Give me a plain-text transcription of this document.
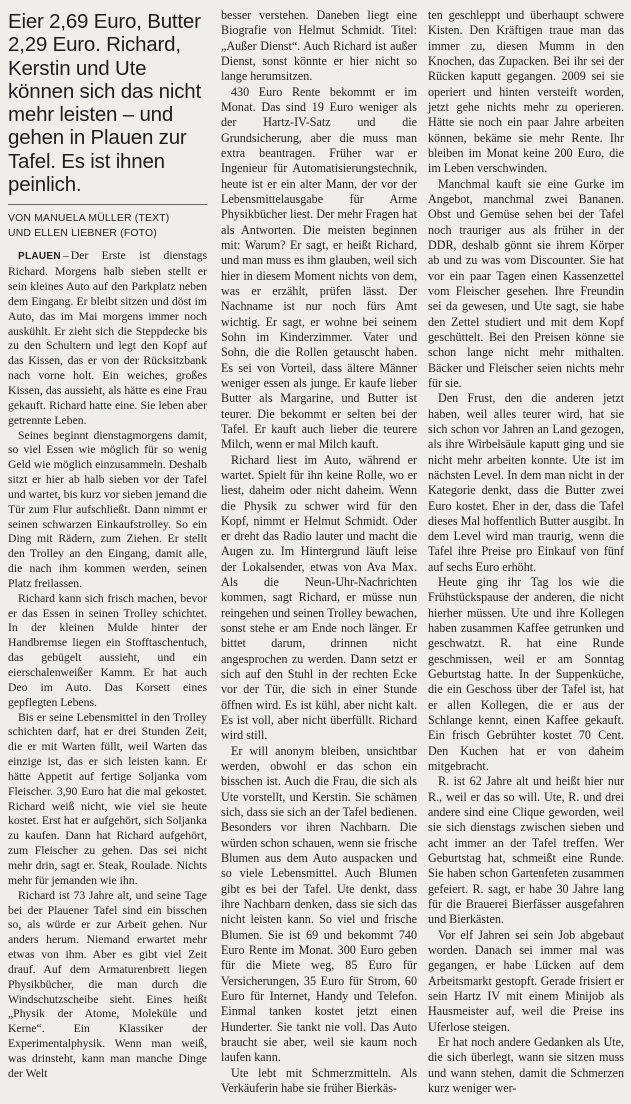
Eier 2,69 Euro, Butter 2,29 Euro. Richard, Kerstin und Ute können sich das nicht mehr leisten – und gehen in Plauen zur Tafel. Es ist ihnen peinlich.
VON MANUELA MÜLLER (TEXT)
UND ELLEN LIEBNER (FOTO)

PLAUEN – Der Erste ist dienstags Richard. Morgens halb sieben stellt er sein kleines Auto auf den Parkplatz neben dem Eingang. Er bleibt sitzen und döst im Auto, das im Mai morgens immer noch auskühlt. Er zieht sich die Steppdecke bis zu den Schultern und legt den Kopf auf das Kissen, das er von der Rücksitzbank nach vorne holt. Ein weiches, großes Kissen, das aussieht, als hätte es eine Frau gekauft. Richard hatte eine. Sie leben aber getrennte Leben.

Seines beginnt dienstagmorgens damit, so viel Essen wie möglich für so wenig Geld wie möglich einzusammeln. Deshalb sitzt er hier ab halb sieben vor der Tafel und wartet, bis kurz vor sieben jemand die Tür zum Flur aufschließt. Dann nimmt er seinen schwarzen Einkaufstrolley. So ein Ding mit Rädern, zum Ziehen. Er stellt den Trolley an den Eingang, damit alle, die nach ihm kommen werden, seinen Platz freilassen.

Richard kann sich frisch machen, bevor er das Essen in seinen Trolley schichtet. In der kleinen Mulde hinter der Handbremse liegen ein Stofftaschentuch, das gebügelt aussieht, und ein eierschalenweißer Kamm. Er hat auch Deo im Auto. Das Korsett eines gepflegten Lebens.

Bis er seine Lebensmittel in den Trolley schichten darf, hat er drei Stunden Zeit, die er mit Warten füllt, weil Warten das einzige ist, das er sich leisten kann. Er hätte Appetit auf fertige Soljanka vom Fleischer. 3,90 Euro hat die mal gekostet. Richard weiß nicht, wie viel sie heute kostet. Erst hat er aufgehört, sich Soljanka zu kaufen. Dann hat Richard aufgehört, zum Fleischer zu gehen. Das sei nicht mehr drin, sagt er. Steak, Roulade. Nichts mehr für jemanden wie ihn.

Richard ist 73 Jahre alt, und seine Tage bei der Plauener Tafel sind ein bisschen so, als würde er zur Arbeit gehen. Nur anders herum. Niemand erwartet mehr etwas von ihm. Aber es gibt viel Zeit drauf. Auf dem Armaturenbrett liegen Physikbücher, die man durch die Windschutzscheibe sieht. Eines heißt „Physik der Atome, Moleküle und Kerne“. Ein Klassiker der Experimentalphysik. Wenn man weiß, was drinsteht, kann man manche Dinge der Welt

besser verstehen. Daneben liegt eine Biografie von Helmut Schmidt. Titel: „Außer Dienst“. Auch Richard ist außer Dienst, sonst könnte er hier nicht so lange herumsitzen.

430 Euro Rente bekommt er im Monat. Das sind 19 Euro weniger als der Hartz-IV-Satz und die Grundsicherung, aber die muss man extra beantragen. Früher war er Ingenieur für Automatisierungstechnik, heute ist er ein alter Mann, der vor der Lebensmittelausgabe für Arme Physikbücher liest. Der mehr Fragen hat als Antworten. Die meisten beginnen mit: Warum? Er sagt, er heißt Richard, und man muss es ihm glauben, weil sich hier in diesem Moment nichts von dem, was er erzählt, prüfen lässt. Der Nachname ist nur noch fürs Amt wichtig. Er sagt, er wohne bei seinem Sohn im Kinderzimmer. Vater und Sohn, die die Rollen getauscht haben. Es sei von Vorteil, dass ältere Männer weniger essen als junge. Er kaufe lieber Butter als Margarine, und Butter ist teurer. Die bekommt er selten bei der Tafel. Er kauft auch lieber die teurere Milch, wenn er mal Milch kauft.

Richard liest im Auto, während er wartet. Spielt für ihn keine Rolle, wo er liest, daheim oder nicht daheim. Wenn die Physik zu schwer wird für den Kopf, nimmt er Helmut Schmidt. Oder er dreht das Radio lauter und macht die Augen zu. Im Hintergrund läuft leise der Lokalsender, etwas von Ava Max. Als die Neun-Uhr-Nachrichten kommen, sagt Richard, er müsse nun reingehen und seinen Trolley bewachen, sonst stehe er am Ende noch länger. Er bittet darum, drinnen nicht angesprochen zu werden. Dann setzt er sich auf den Stuhl in der rechten Ecke vor der Tür, die sich in einer Stunde öffnen wird. Es ist kühl, aber nicht kalt. Es ist voll, aber nicht überfüllt. Richard wird still.

Er will anonym bleiben, unsichtbar werden, obwohl er das schon ein bisschen ist. Auch die Frau, die sich als Ute vorstellt, und Kerstin. Sie schämen sich, dass sie sich an der Tafel bedienen. Besonders vor ihren Nachbarn. Die würden schon schauen, wenn sie frische Blumen aus dem Auto auspacken und so viele Lebensmittel. Auch Blumen gibt es bei der Tafel. Ute denkt, dass ihre Nachbarn denken, dass sie sich das nicht leisten kann. So viel und frische Blumen. Sie ist 69 und bekommt 740 Euro Rente im Monat. 300 Euro geben für die Miete weg, 85 Euro für Versicherungen, 35 Euro für Strom, 60 Euro für Internet, Handy und Telefon. Einmal tanken kostet jetzt einen Hunderter. Sie tankt nie voll. Das Auto braucht sie aber, weil sie kaum noch laufen kann.

Ute lebt mit Schmerzmitteln. Als Verkäuferin habe sie früher Bierkäs-

ten geschleppt und überhaupt schwere Kisten. Den Kräftigen traue man das immer zu, diesen Mumm in den Knochen, das Zupacken. Bei ihr sei der Rücken kaputt gegangen. 2009 sei sie operiert und hinten versteift worden, jetzt gehe nichts mehr zu operieren. Hätte sie noch ein paar Jahre arbeiten können, bekäme sie mehr Rente. Ihr bleiben im Monat keine 200 Euro, die im Leben verschwinden.

Manchmal kauft sie eine Gurke im Angebot, manchmal zwei Bananen. Obst und Gemüse sehen bei der Tafel noch trauriger aus als früher in der DDR, deshalb gönnt sie ihrem Körper ab und zu was vom Discounter. Sie hat vor ein paar Tagen einen Kassenzettel vom Fleischer gesehen. Ihre Freundin sei da gewesen, und Ute sagt, sie habe den Zettel studiert und mit dem Kopf geschüttelt. Bei den Preisen könne sie schon lange nicht mehr mithalten. Bäcker und Fleischer seien nichts mehr für sie.

Den Frust, den die anderen jetzt haben, weil alles teurer wird, hat sie sich schon vor Jahren an Land gezogen, als ihre Wirbelsäule kaputt ging und sie nicht mehr arbeiten konnte. Ute ist im nächsten Level. In dem man nicht in der Kategorie denkt, dass die Butter zwei Euro kostet. Eher in der, dass die Tafel dieses Mal hoffentlich Butter ausgibt. In dem Level wird man traurig, wenn die Tafel ihre Preise pro Einkauf von fünf auf sechs Euro erhöht.

Heute ging ihr Tag los wie die Frühstückspause der anderen, die nicht hierher müssen. Ute und ihre Kollegen haben zusammen Kaffee getrunken und geschwatzt. R. hat eine Runde geschmissen, weil er am Sonntag Geburtstag hatte. In der Suppenküche, die ein Geschoss über der Tafel ist, hat er allen Kollegen, die er aus der Schlange kennt, einen Kaffee gekauft. Ein frisch Gebrühter kostet 70 Cent. Den Kuchen hat er von daheim mitgebracht.

R. ist 62 Jahre alt und heißt hier nur R., weil er das so will. Ute, R. und drei andere sind eine Clique geworden, weil sie sich dienstags zwischen sieben und acht immer an der Tafel treffen. Wer Geburtstag hat, schmeißt eine Runde. Sie haben schon Gartenfeten zusammen gefeiert. R. sagt, er habe 30 Jahre lang für die Brauerei Bierfässer ausgefahren und Bierkästen.

Vor elf Jahren sei sein Job abgebaut worden. Danach sei immer mal was gegangen, er habe Lücken auf dem Arbeitsmarkt gestopft. Gerade frisiert er sein Hartz IV mit einem Minijob als Hausmeister auf, weil die Preise ins Uferlose steigen.

Er hat noch andere Gedanken als Ute, die sich überlegt, wann sie sitzen muss und wann stehen, damit die Schmerzen kurz weniger wer-
